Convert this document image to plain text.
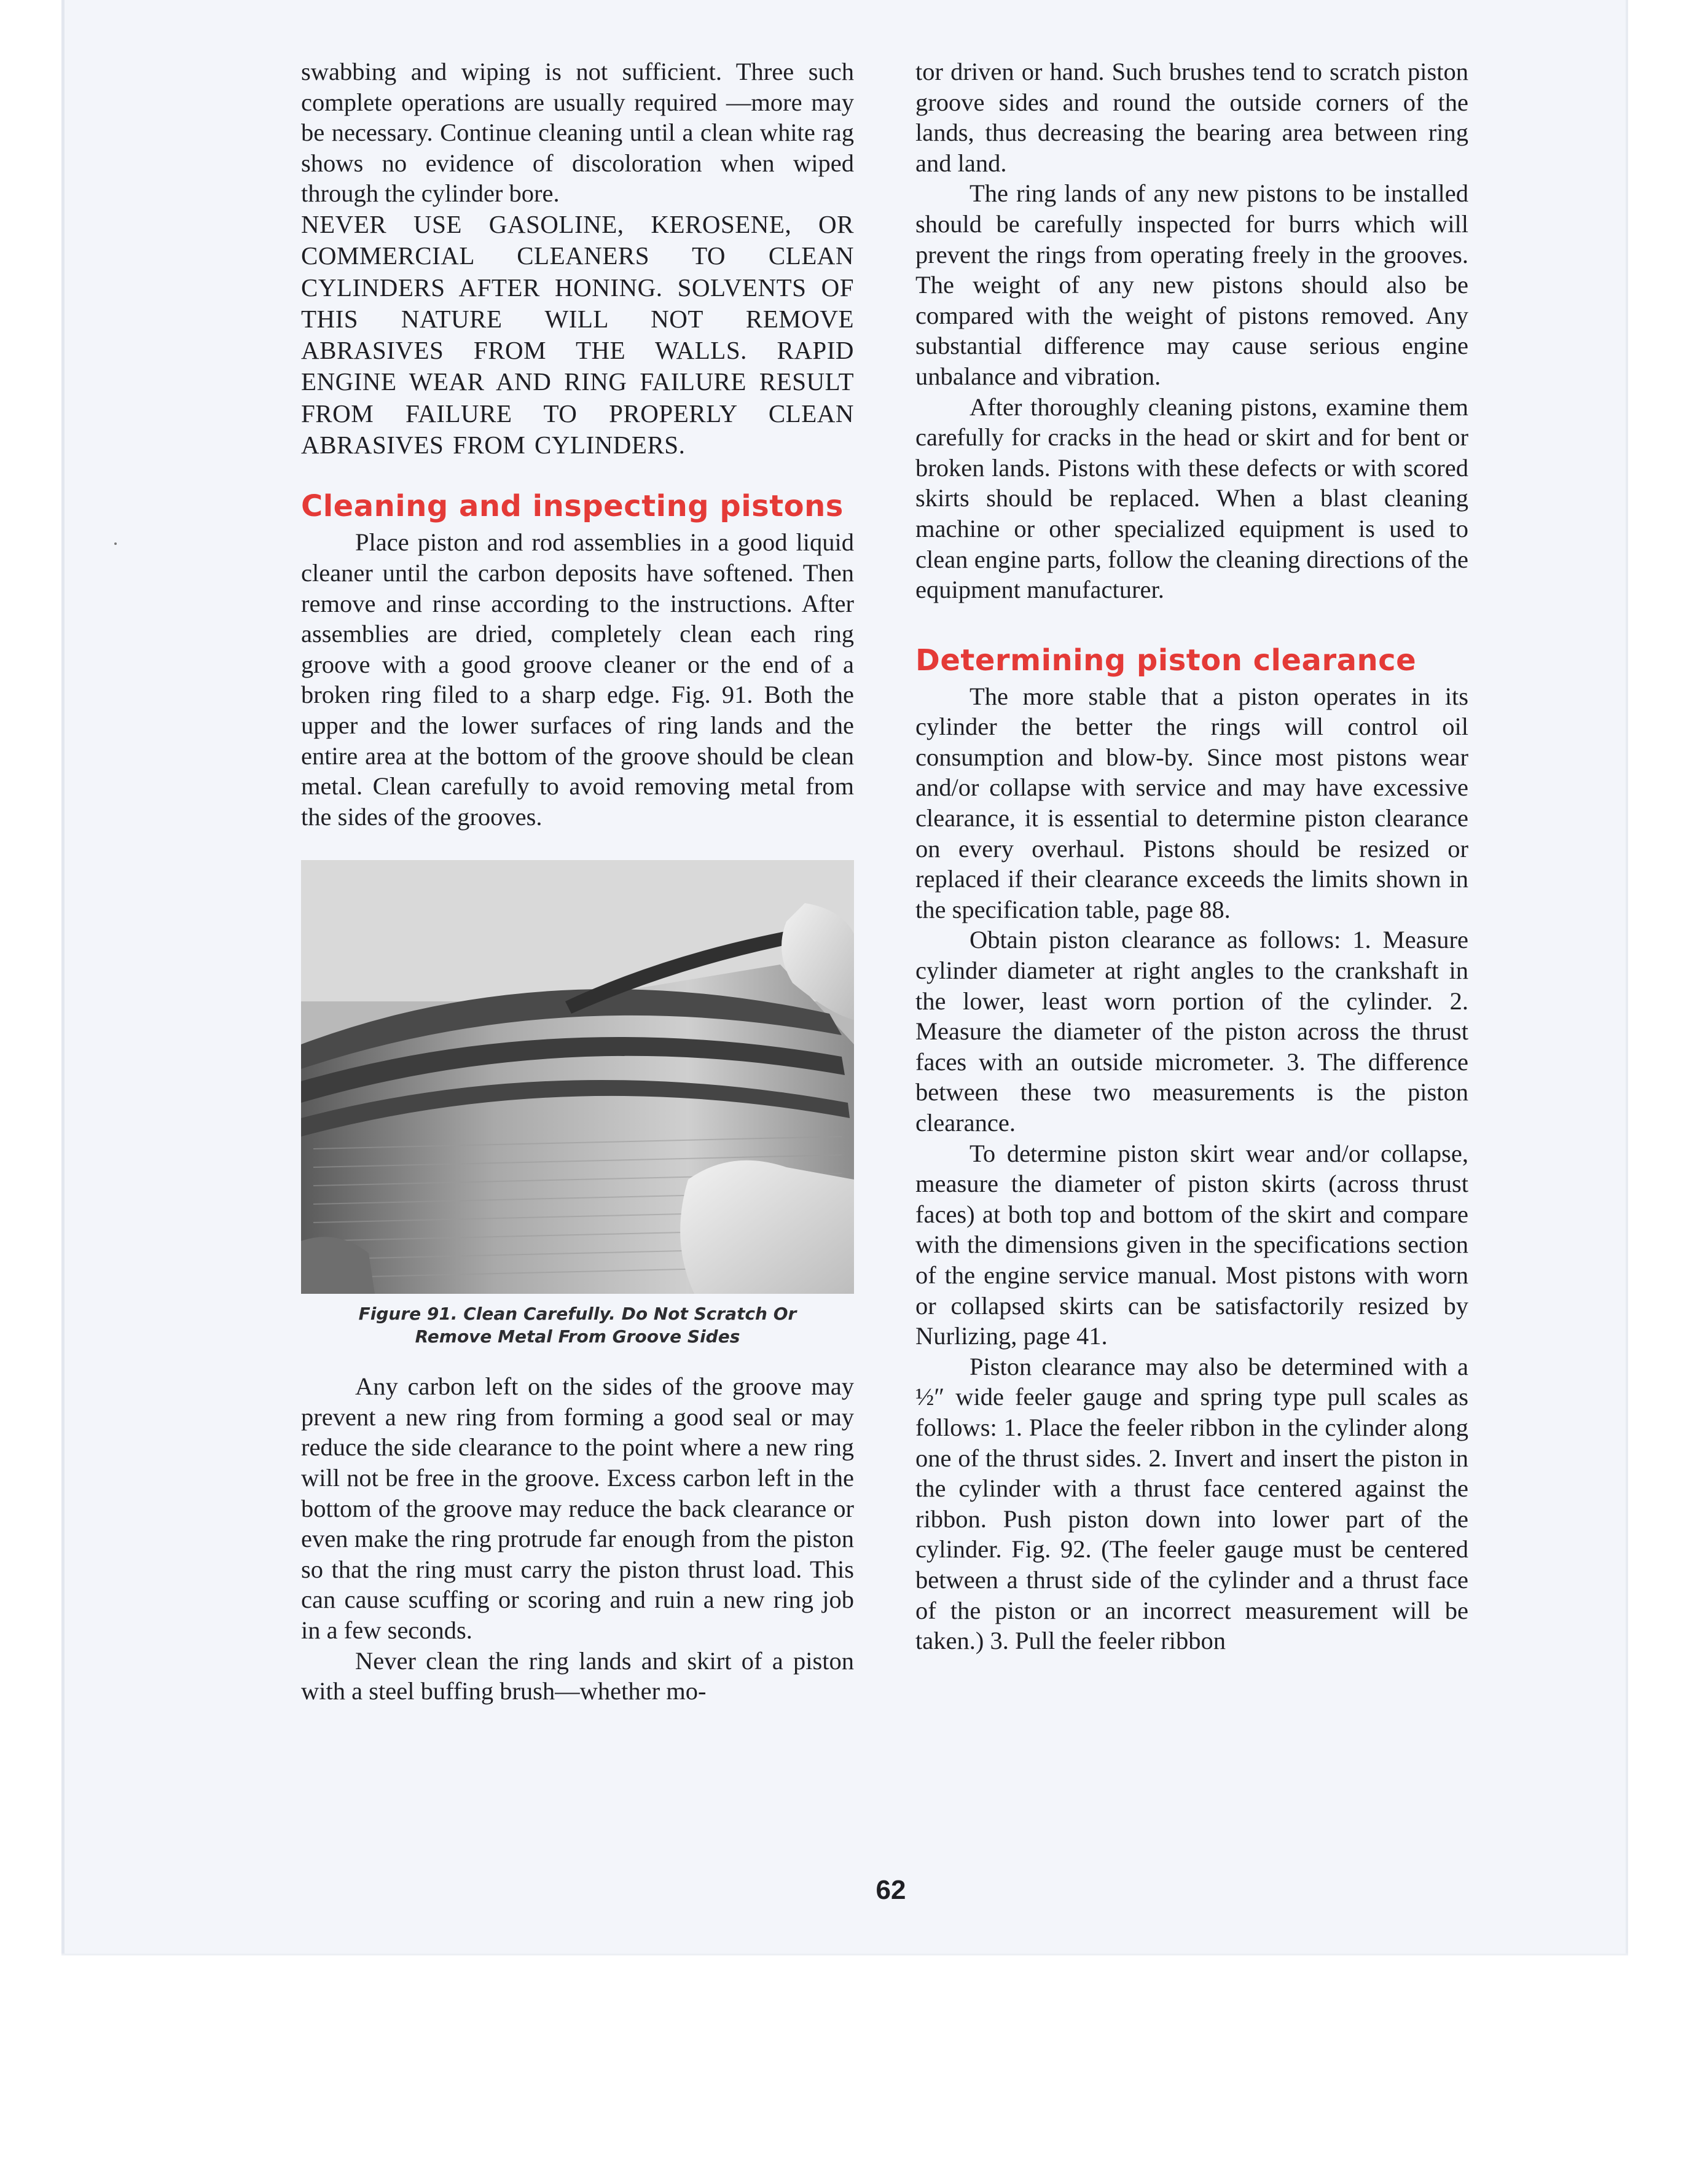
swabbing and wiping is not sufficient. Three such complete operations are usually required —more may be necessary. Continue cleaning until a clean white rag shows no evidence of discoloration when wiped through the cylinder bore.

NEVER USE GASOLINE, KEROSENE, OR COMMERCIAL CLEANERS TO CLEAN CYLINDERS AFTER HONING. SOLVENTS OF THIS NATURE WILL NOT REMOVE ABRASIVES FROM THE WALLS. RAPID ENGINE WEAR AND RING FAILURE RESULT FROM FAILURE TO PROPERLY CLEAN ABRASIVES FROM CYLINDERS.

Cleaning and inspecting pistons

Place piston and rod assemblies in a good liquid cleaner until the carbon deposits have softened. Then remove and rinse according to the instructions. After assemblies are dried, completely clean each ring groove with a good groove cleaner or the end of a broken ring filed to a sharp edge. Fig. 91. Both the upper and the lower surfaces of ring lands and the entire area at the bottom of the groove should be clean metal. Clean carefully to avoid removing metal from the sides of the grooves.

Figure 91. Clean Carefully. Do Not Scratch Or
Remove Metal From Groove Sides

Any carbon left on the sides of the groove may prevent a new ring from forming a good seal or may reduce the side clearance to the point where a new ring will not be free in the groove. Excess carbon left in the bottom of the groove may reduce the back clearance or even make the ring protrude far enough from the piston so that the ring must carry the piston thrust load. This can cause scuffing or scoring and ruin a new ring job in a few seconds.

Never clean the ring lands and skirt of a piston with a steel buffing brush—whether mo-

tor driven or hand. Such brushes tend to scratch piston groove sides and round the outside corners of the lands, thus decreasing the bearing area between ring and land.

The ring lands of any new pistons to be installed should be carefully inspected for burrs which will prevent the rings from operating freely in the grooves. The weight of any new pistons should also be compared with the weight of pistons removed. Any substantial difference may cause serious engine unbalance and vibration.

After thoroughly cleaning pistons, examine them carefully for cracks in the head or skirt and for bent or broken lands. Pistons with these defects or with scored skirts should be replaced. When a blast cleaning machine or other specialized equipment is used to clean engine parts, follow the cleaning directions of the equipment manufacturer.

Determining piston clearance

The more stable that a piston operates in its cylinder the better the rings will control oil consumption and blow-by. Since most pistons wear and/or collapse with service and may have excessive clearance, it is essential to determine piston clearance on every overhaul. Pistons should be resized or replaced if their clearance exceeds the limits shown in the specification table, page 88.

Obtain piston clearance as follows: 1. Measure cylinder diameter at right angles to the crankshaft in the lower, least worn portion of the cylinder. 2. Measure the diameter of the piston across the thrust faces with an outside micrometer. 3. The difference between these two measurements is the piston clearance.

To determine piston skirt wear and/or collapse, measure the diameter of piston skirts (across thrust faces) at both top and bottom of the skirt and compare with the dimensions given in the specifications section of the engine service manual. Most pistons with worn or collapsed skirts can be satisfactorily resized by Nurlizing, page 41.

Piston clearance may also be determined with a ½″ wide feeler gauge and spring type pull scales as follows: 1. Place the feeler ribbon in the cylinder along one of the thrust sides. 2. Invert and insert the piston in the cylinder with a thrust face centered against the ribbon. Push piston down into lower part of the cylinder. Fig. 92. (The feeler gauge must be centered between a thrust side of the cylinder and a thrust face of the piston or an incorrect measurement will be taken.) 3. Pull the feeler ribbon

62
